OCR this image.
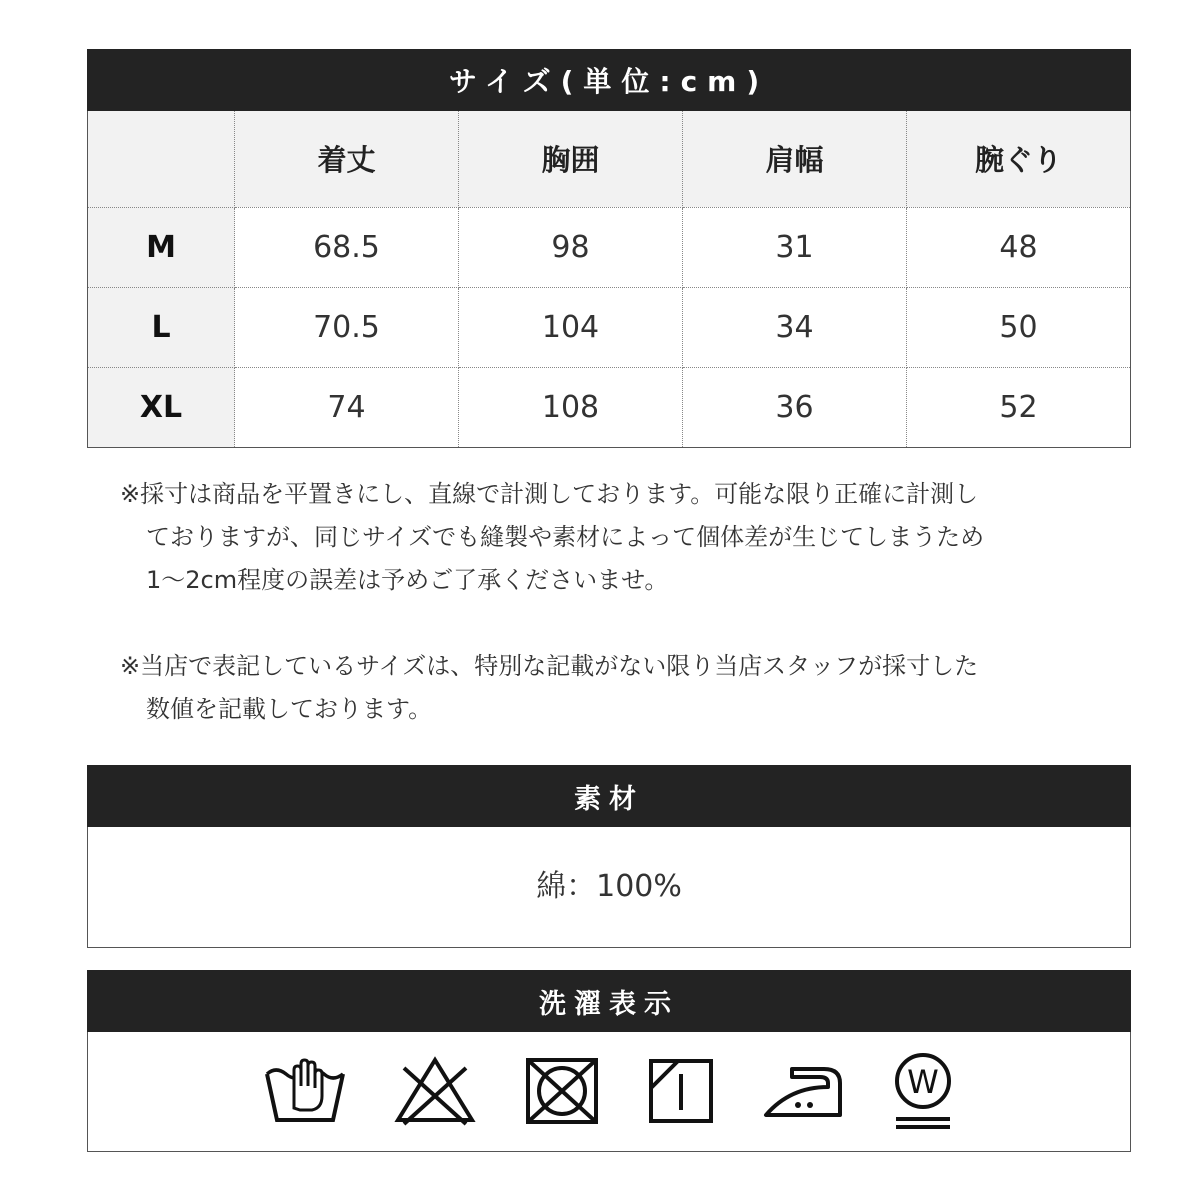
サイズ(単位:cm)
	着丈	胸囲	肩幅	腕ぐり
M	68.5	98	31	48
L	70.5	104	34	50
XL	74	108	36	52
※採寸は商品を平置きにし、直線で計測しております。可能な限り正確に計測し
ておりますが、同じサイズでも縫製や素材によって個体差が生じてしまうため
1～2cm程度の誤差は予めご了承くださいませ。
※当店で表記しているサイズは、特別な記載がない限り当店スタッフが採寸した
数値を記載しております。
素材
綿：100%
洗濯表示
W
